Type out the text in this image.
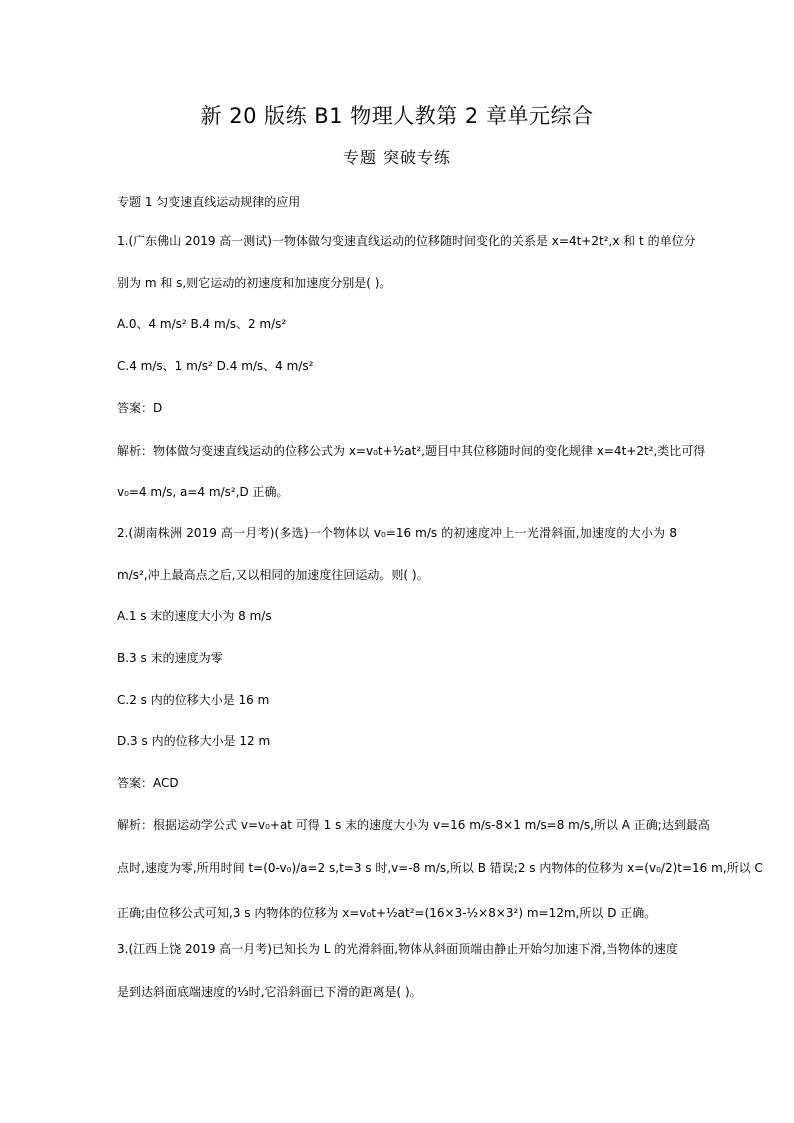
新 20 版练 B1 物理人教第 2 章单元综合
专题 突破专练
专题 1 匀变速直线运动规律的应用
1.(广东佛山 2019 高一测试)一物体做匀变速直线运动的位移随时间变化的关系是 x=4t+2t²,x 和 t 的单位分
别为 m 和 s,则它运动的初速度和加速度分别是( )。
A.0、4 m/s² B.4 m/s、2 m/s²
C.4 m/s、1 m/s² D.4 m/s、4 m/s²
答案：D
解析：物体做匀变速直线运动的位移公式为 x=v₀t+½at²,题目中其位移随时间的变化规律 x=4t+2t²,类比可得
v₀=4 m/s, a=4 m/s²,D 正确。
2.(湖南株洲 2019 高一月考)(多选)一个物体以 v₀=16 m/s 的初速度冲上一光滑斜面,加速度的大小为 8
m/s²,冲上最高点之后,又以相同的加速度往回运动。则( )。
A.1 s 末的速度大小为 8 m/s
B.3 s 末的速度为零
C.2 s 内的位移大小是 16 m
D.3 s 内的位移大小是 12 m
答案：ACD
解析：根据运动学公式 v=v₀+at 可得 1 s 末的速度大小为 v=16 m/s-8×1 m/s=8 m/s,所以 A 正确;达到最高
点时,速度为零,所用时间 t=(0-v₀)/a=2 s,t=3 s 时,v=-8 m/s,所以 B 错误;2 s 内物体的位移为 x=(v₀/2)t=16 m,所以 C
正确;由位移公式可知,3 s 内物体的位移为 x=v₀t+½at²=(16×3-½×8×3²) m=12m,所以 D 正确。
3.(江西上饶 2019 高一月考)已知长为 L 的光滑斜面,物体从斜面顶端由静止开始匀加速下滑,当物体的速度
是到达斜面底端速度的⅓时,它沿斜面已下滑的距离是( )。
